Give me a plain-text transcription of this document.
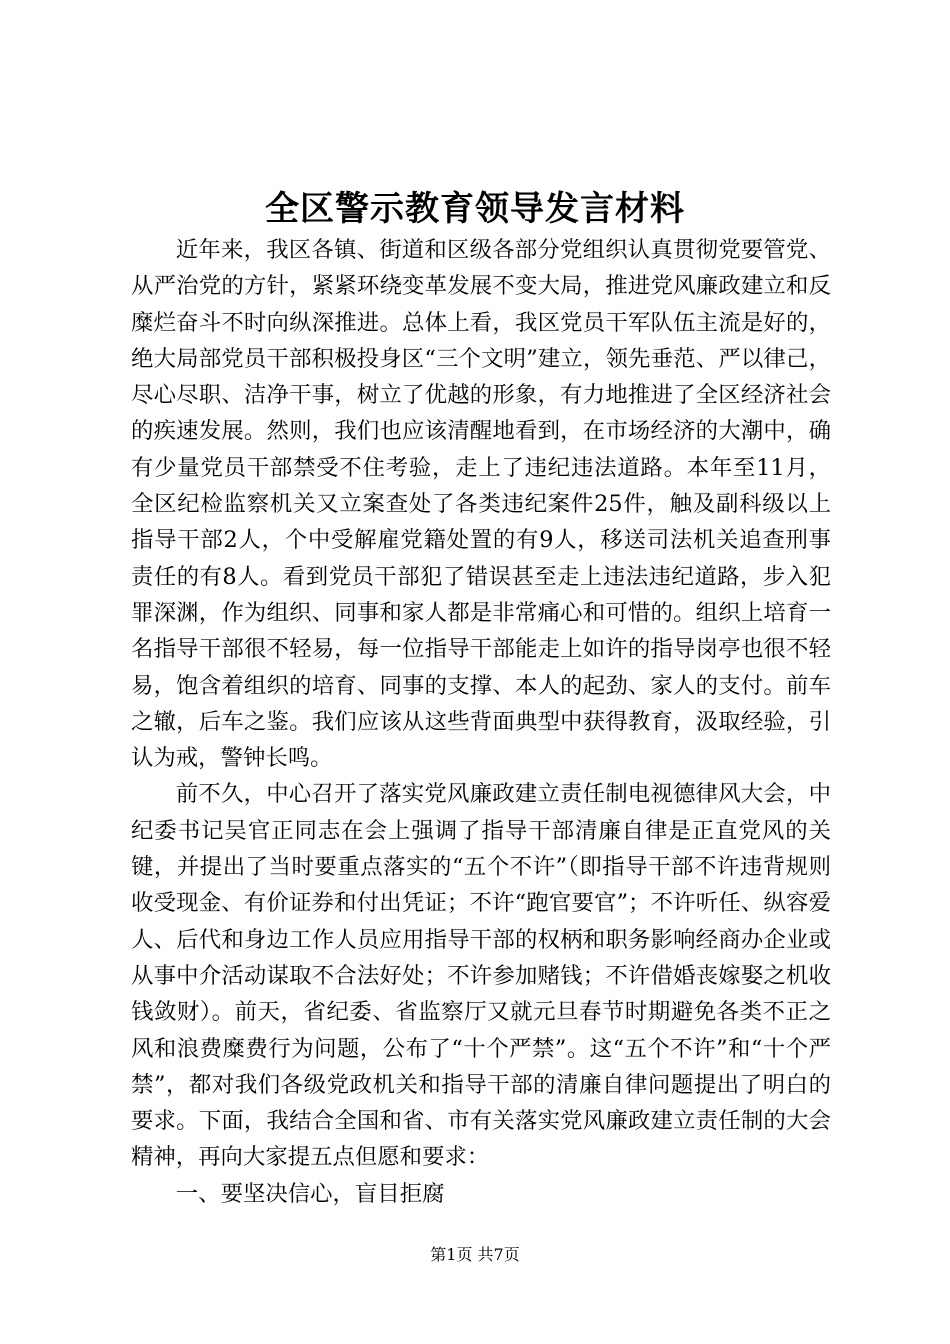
全区警示教育领导发言材料

近年来，我区各镇、街道和区级各部分党组织认真贯彻党要管党、从严治党的方针，紧紧环绕变革发展不变大局，推进党风廉政建立和反糜烂奋斗不时向纵深推进。总体上看，我区党员干军队伍主流是好的，绝大局部党员干部积极投身区“三个文明”建立，领先垂范、严以律己，尽心尽职、洁净干事，树立了优越的形象，有力地推进了全区经济社会的疾速发展。然则，我们也应该清醒地看到，在市场经济的大潮中，确有少量党员干部禁受不住考验，走上了违纪违法道路。本年至11月，全区纪检监察机关又立案查处了各类违纪案件25件，触及副科级以上指导干部2人，个中受解雇党籍处置的有9人，移送司法机关追查刑事责任的有8人。看到党员干部犯了错误甚至走上违法违纪道路，步入犯罪深渊，作为组织、同事和家人都是非常痛心和可惜的。组织上培育一名指导干部很不轻易，每一位指导干部能走上如许的指导岗亭也很不轻易，饱含着组织的培育、同事的支撑、本人的起劲、家人的支付。前车之辙，后车之鉴。我们应该从这些背面典型中获得教育，汲取经验，引认为戒，警钟长鸣。

前不久，中心召开了落实党风廉政建立责任制电视德律风大会，中纪委书记吴官正同志在会上强调了指导干部清廉自律是正直党风的关键，并提出了当时要重点落实的“五个不许”（即指导干部不许违背规则收受现金、有价证券和付出凭证；不许“跑官要官”；不许听任、纵容爱人、后代和身边工作人员应用指导干部的权柄和职务影响经商办企业或从事中介活动谋取不合法好处；不许参加赌钱；不许借婚丧嫁娶之机收钱敛财）。前天，省纪委、省监察厅又就元旦春节时期避免各类不正之风和浪费糜费行为问题，公布了“十个严禁”。这“五个不许”和“十个严禁”，都对我们各级党政机关和指导干部的清廉自律问题提出了明白的要求。下面，我结合全国和省、市有关落实党风廉政建立责任制的大会精神，再向大家提五点但愿和要求：

一、要坚决信心，盲目拒腐

第1页 共7页
